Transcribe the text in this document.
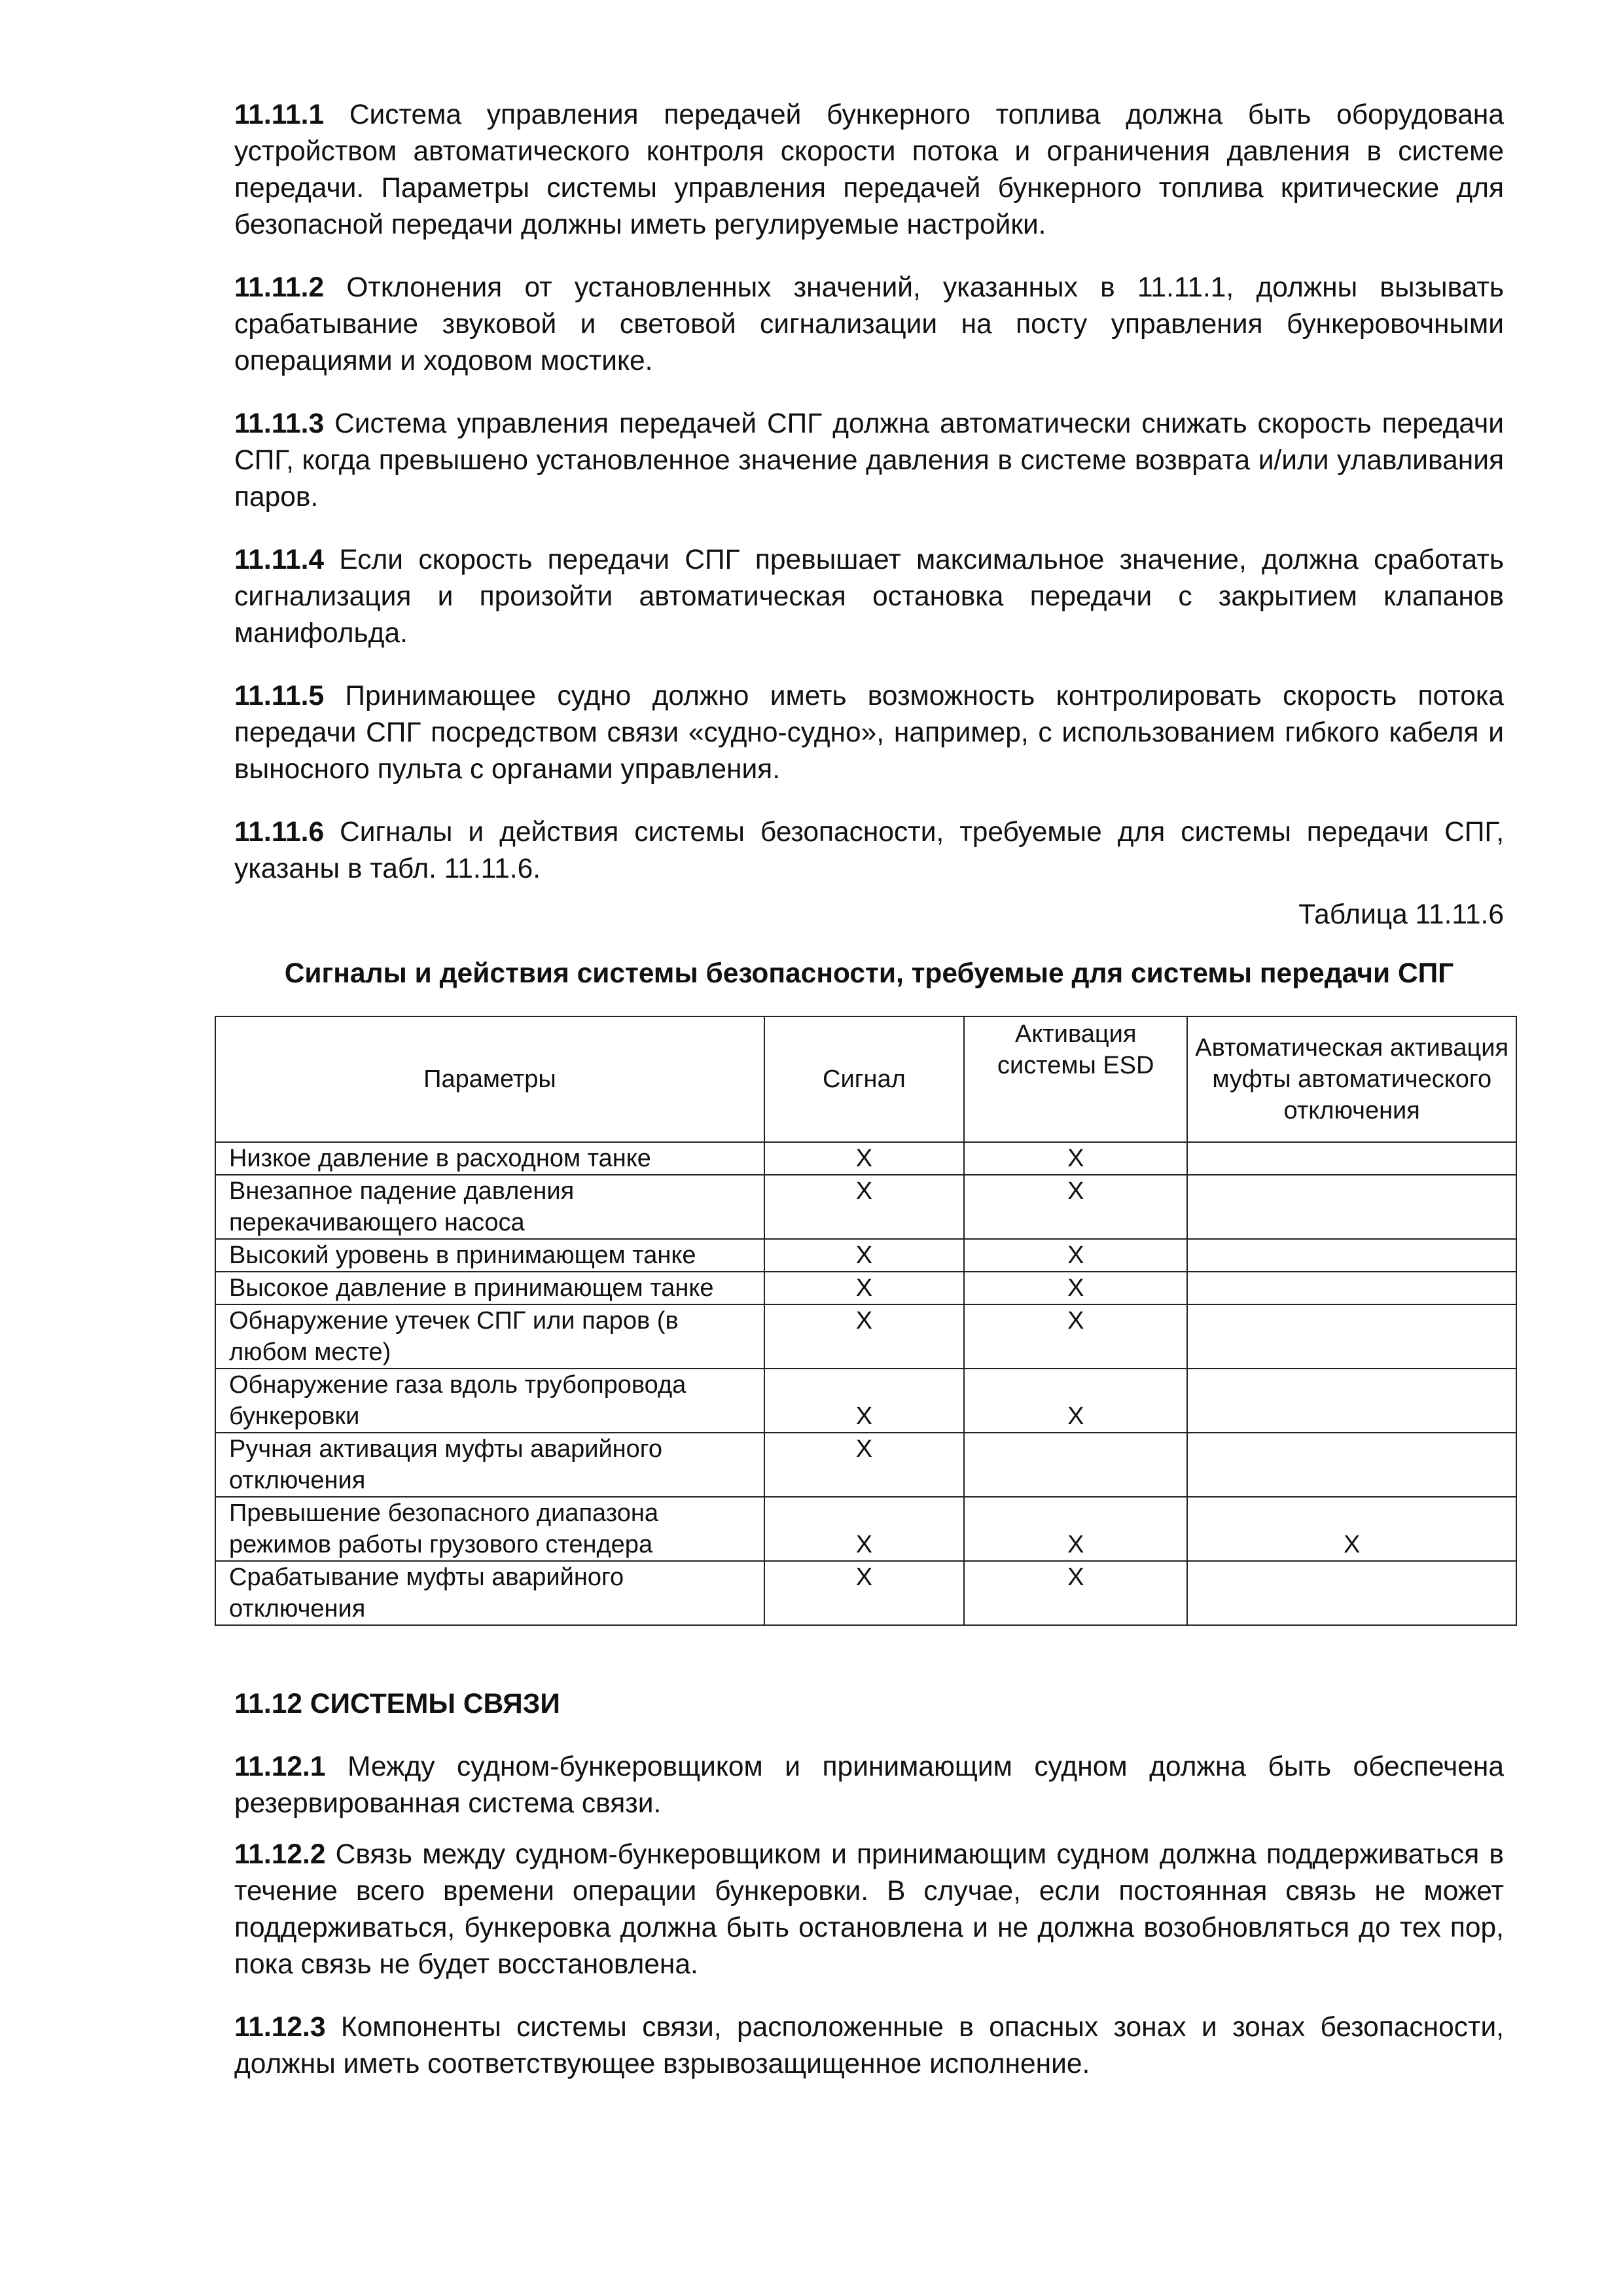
11.11.1 Система управления передачей бункерного топлива должна быть оборудована устройством автоматического контроля скорости потока и ограничения давления в системе передачи. Параметры системы управления передачей бункерного топлива критические для безопасной передачи должны иметь регулируемые настройки.

11.11.2 Отклонения от установленных значений, указанных в 11.11.1, должны вызывать срабатывание звуковой и световой сигнализации на посту управления бункеровочными операциями и ходовом мостике.

11.11.3 Система управления передачей СПГ должна автоматически снижать скорость передачи СПГ, когда превышено установленное значение давления в системе возврата и/или улавливания паров.

11.11.4 Если скорость передачи СПГ превышает максимальное значение, должна сработать сигнализация и произойти автоматическая остановка передачи с закрытием клапанов манифольда.

11.11.5 Принимающее судно должно иметь возможность контролировать скорость потока передачи СПГ посредством связи «судно-судно», например, с использованием гибкого кабеля и выносного пульта с органами управления.

11.11.6 Сигналы и действия системы безопасности, требуемые для системы передачи СПГ, указаны в табл. 11.11.6.

Таблица 11.11.6
Сигналы и действия системы безопасности, требуемые для системы передачи СПГ
Параметры	Сигнал	Активация системы ESD	Автоматическая активация муфты автоматического отключения
Низкое давление в расходном танке	X	X	
Внезапное падение давления перекачивающего насоса	X	X	
Высокий уровень в принимающем танке	X	X	
Высокое давление в принимающем танке	X	X	
Обнаружение утечек СПГ или паров (в любом месте)	X	X	
Обнаружение газа вдоль трубопровода бункеровки	X	X	
Ручная активация муфты аварийного отключения	X		
Превышение безопасного диапазона режимов работы грузового стендера	X	X	X
Срабатывание муфты аварийного отключения	X	X	
11.12 СИСТЕМЫ СВЯЗИ

11.12.1 Между судном-бункеровщиком и принимающим судном должна быть обеспечена резервированная система связи.

11.12.2 Связь между судном-бункеровщиком и принимающим судном должна поддерживаться в течение всего времени операции бункеровки. В случае, если постоянная связь не может поддерживаться, бункеровка должна быть остановлена и не должна возобновляться до тех пор, пока связь не будет восстановлена.

11.12.3 Компоненты системы связи, расположенные в опасных зонах и зонах безопасности, должны иметь соответствующее взрывозащищенное исполнение.
